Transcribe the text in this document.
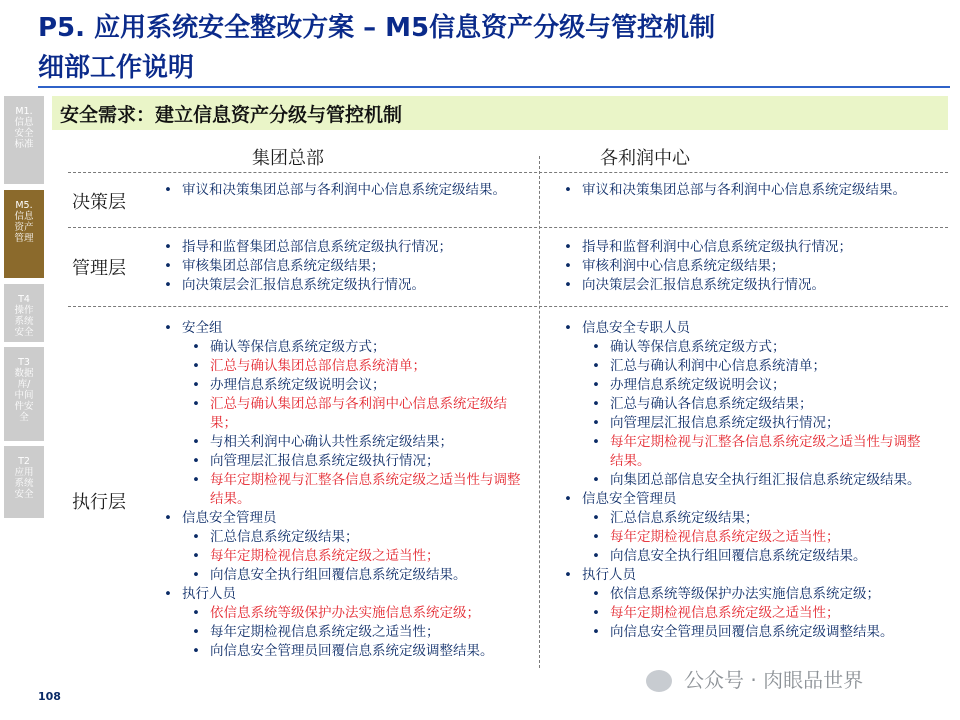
P5. 应用系统安全整改方案 – M5信息资产分级与管控机制
细部工作说明
安全需求：建立信息资产分级与管控机制
M1.
信息
安全
标准
M5.
信息
资产
管理
T4
操作
系统
安全
T3
数据
库/
中间
件安
全
T2
应用
系统
安全
集团总部	各利润中心
决策层
管理层
执行层
• 审议和决策集团总部与各利润中心信息系统定级结果。
•	审议和决策集团总部与各利润中心信息系统定级结果。
• 指导和监督集团总部信息系统定级执行情况；
• 审核集团总部信息系统定级结果；
• 向决策层会汇报信息系统定级执行情况。
• 指导和监督利润中心信息系统定级执行情况；
• 审核利润中心信息系统定级结果；
• 向决策层会汇报信息系统定级执行情况。
• 安全组
• 确认等保信息系统定级方式；
• 汇总与确认集团总部信息系统清单；
• 办理信息系统定级说明会议；
• 汇总与确认集团总部与各利润中心信息系统定级结果；
• 与相关利润中心确认共性系统定级结果；
• 向管理层汇报信息系统定级执行情况；
• 每年定期检视与汇整各信息系统定级之适当性与调整结果。
• 信息安全管理员
• 汇总信息系统定级结果；
• 每年定期检视信息系统定级之适当性；
• 向信息安全执行组回覆信息系统定级结果。
• 执行人员
• 依信息系统等级保护办法实施信息系统定级；
• 每年定期检视信息系统定级之适当性；
• 向信息安全管理员回覆信息系统定级调整结果。
• 信息安全专职人员
• 确认等保信息系统定级方式；
• 汇总与确认利润中心信息系统清单；
• 办理信息系统定级说明会议；
• 汇总与确认各信息系统定级结果；
• 向管理层汇报信息系统定级执行情况；
• 每年定期检视与汇整各信息系统定级之适当性与调整结果。
• 向集团总部信息安全执行组汇报信息系统定级结果。
• 信息安全管理员
• 汇总信息系统定级结果；
• 每年定期检视信息系统定级之适当性；
• 向信息安全执行组回覆信息系统定级结果。
• 执行人员
• 依信息系统等级保护办法实施信息系统定级；
• 每年定期检视信息系统定级之适当性；
• 向信息安全管理员回覆信息系统定级调整结果。
108
公众号 · 肉眼品世界
